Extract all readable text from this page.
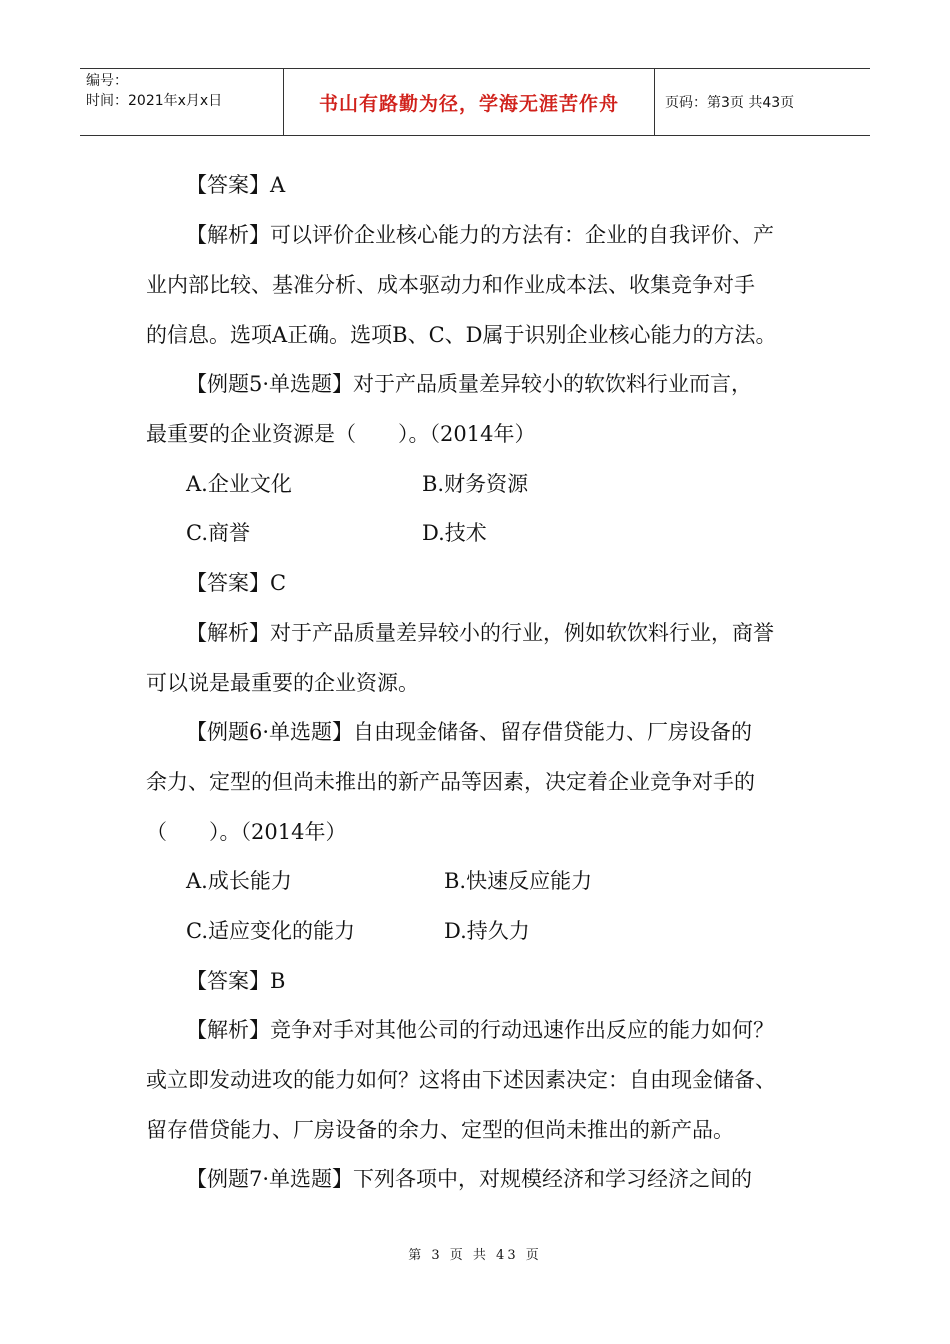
编号：
时间：2021年x月x日	书山有路勤为径，学海无涯苦作舟	页码：第3页 共43页
【答案】A
【解析】可以评价企业核心能力的方法有：企业的自我评价、产
业内部比较、基准分析、成本驱动力和作业成本法、收集竞争对手
的信息。选项A正确。选项B、C、D属于识别企业核心能力的方法。
【例题5·单选题】对于产品质量差异较小的软饮料行业而言，
最重要的企业资源是（　　）。（2014年）
A.企业文化	B.财务资源
C.商誉	D.技术
【答案】C
【解析】对于产品质量差异较小的行业，例如软饮料行业，商誉
可以说是最重要的企业资源。
【例题6·单选题】自由现金储备、留存借贷能力、厂房设备的
余力、定型的但尚未推出的新产品等因素，决定着企业竞争对手的
（　　）。（2014年）
A.成长能力	B.快速反应能力
C.适应变化的能力	D.持久力
【答案】B
【解析】竞争对手对其他公司的行动迅速作出反应的能力如何？
或立即发动进攻的能力如何？这将由下述因素决定：自由现金储备、
留存借贷能力、厂房设备的余力、定型的但尚未推出的新产品。
【例题7·单选题】下列各项中，对规模经济和学习经济之间的
第 3 页 共 43 页
